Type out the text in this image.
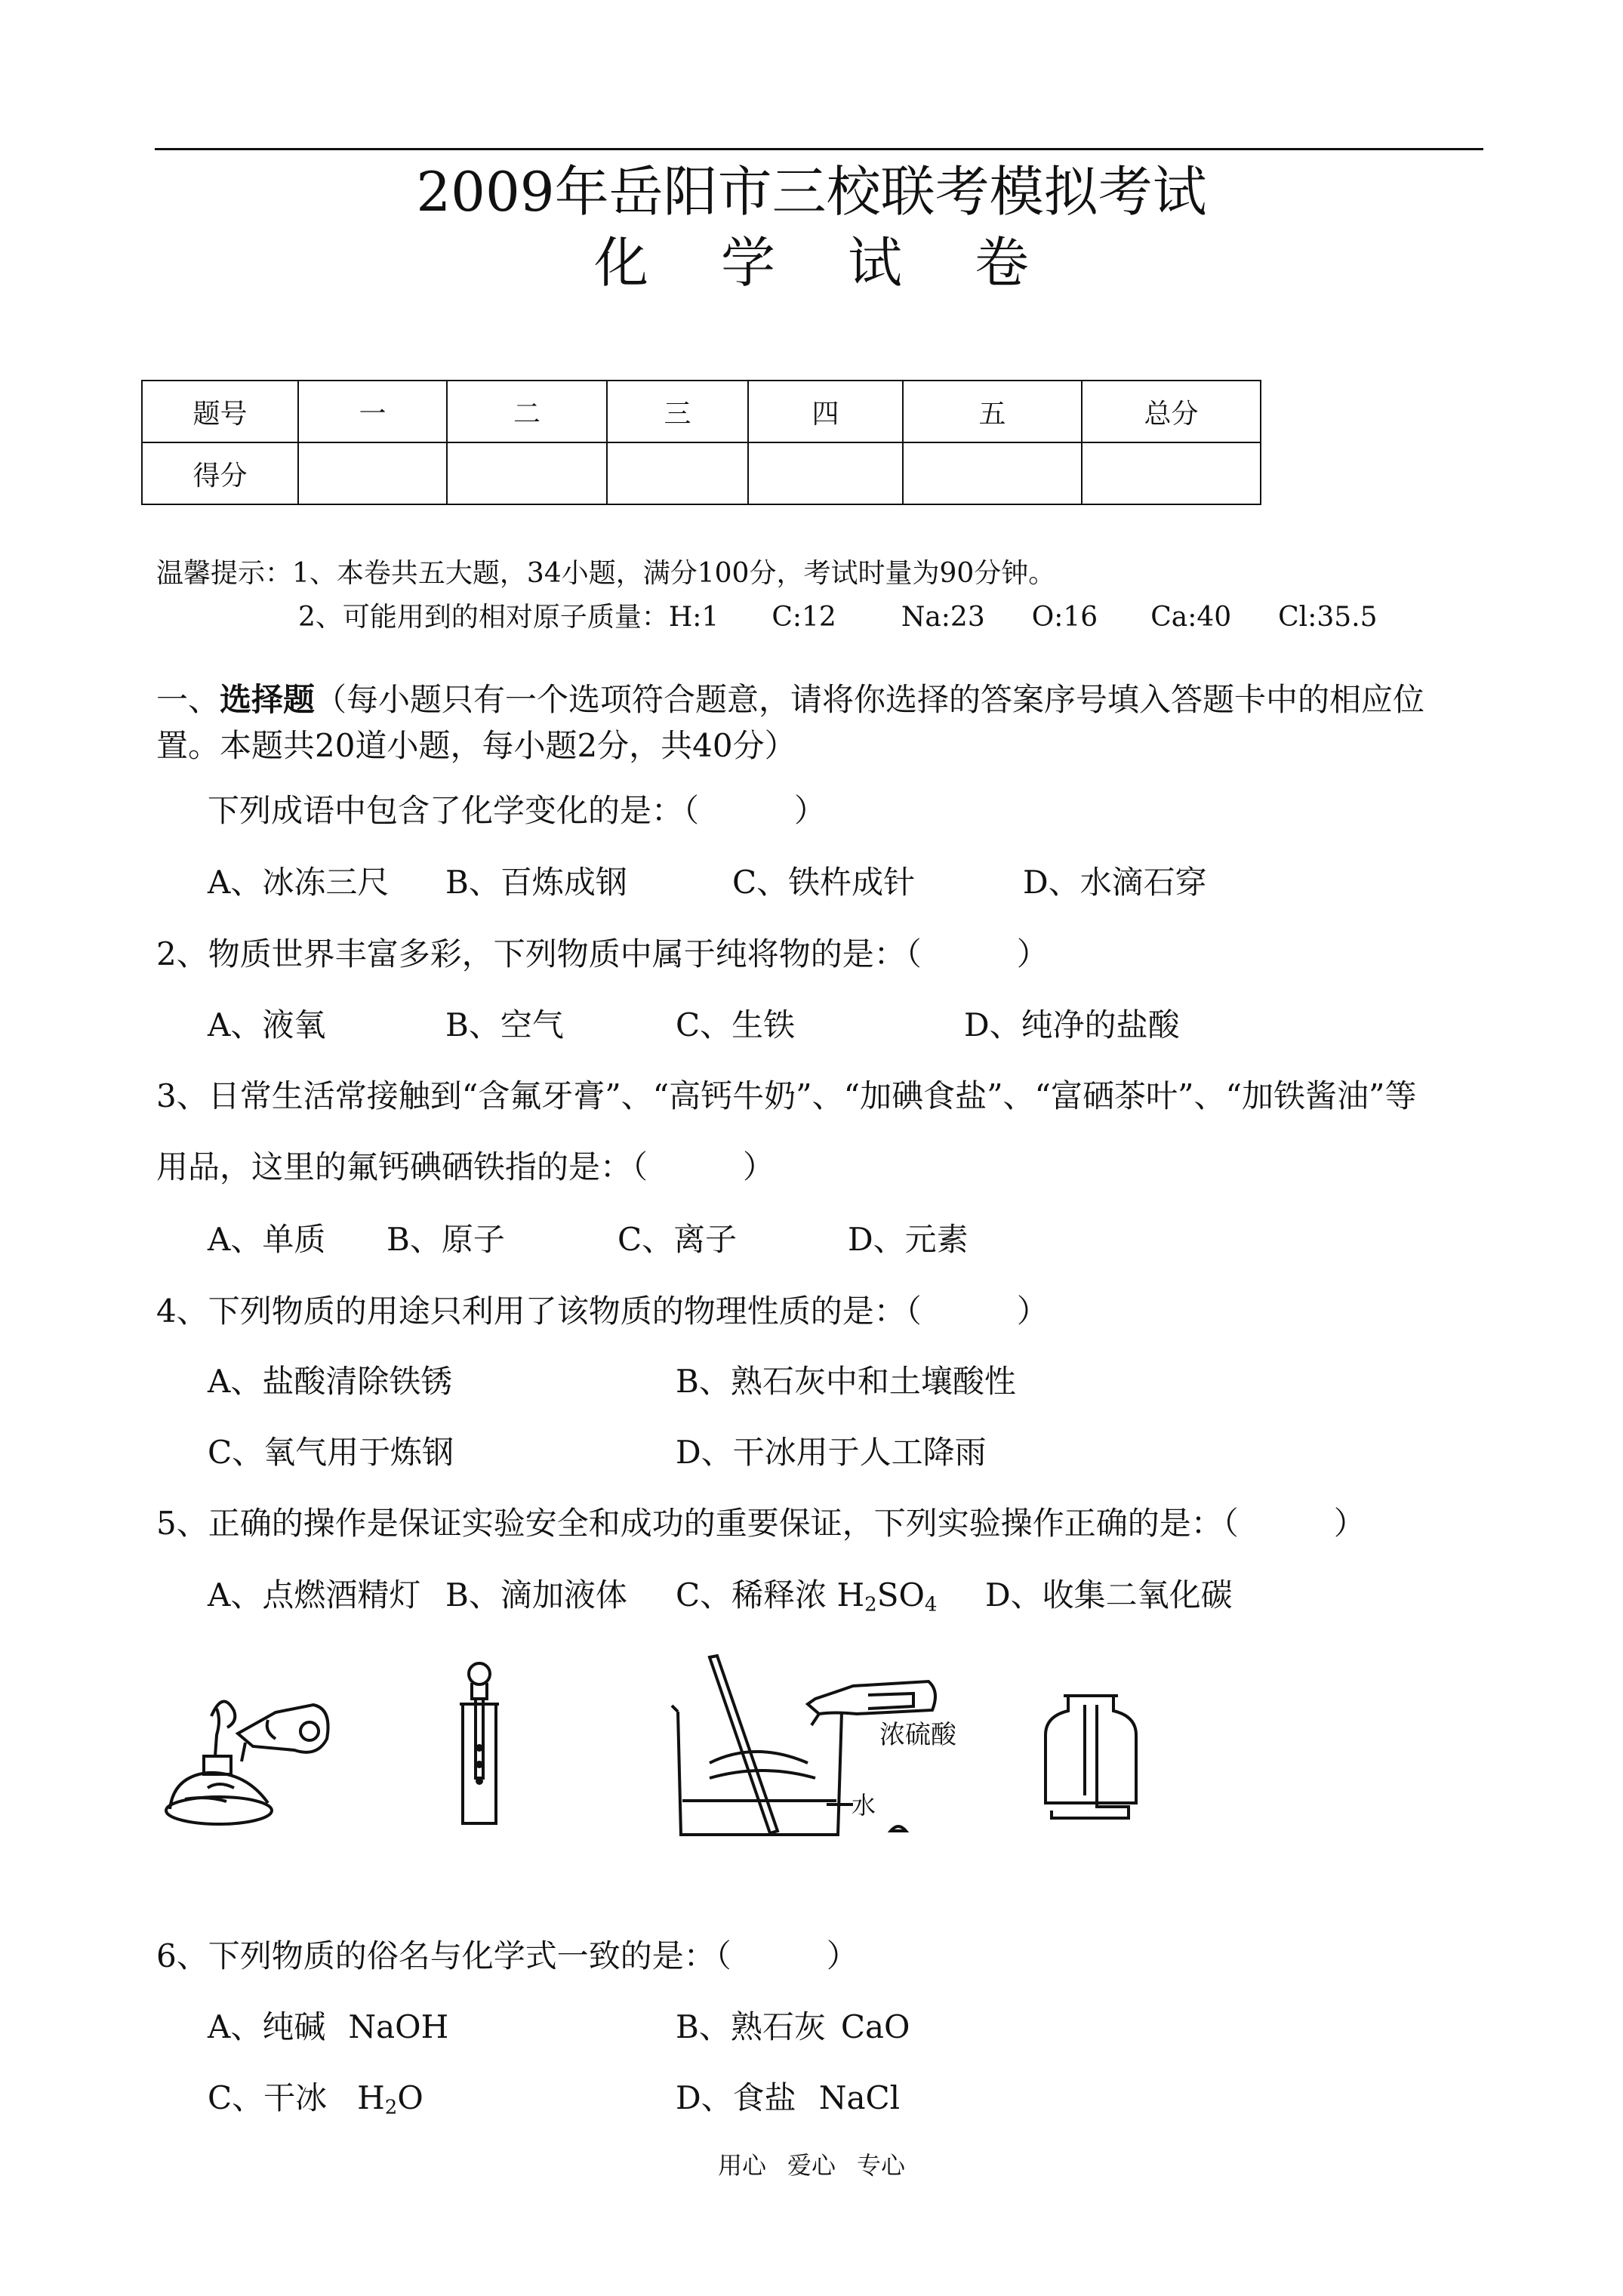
2009年岳阳市三校联考模拟考试
化 学 试 卷
题号	一	二	三	四	五	总分
得分						
温馨提示：1、本卷共五大题，34小题，满分100分，考试时量为90分钟。
2、可能用到的相对原子质量：H:1 C:12 Na:23 O:16 Ca:40 Cl:35.5
一、选择题（每小题只有一个选项符合题意，请将你选择的答案序号填入答题卡中的相应位
置。本题共20道小题，每小题2分，共40分）
下列成语中包含了化学变化的是：（　　　）
A、冰冻三尺 B、百炼成钢	C、铁杵成针	D、水滴石穿
2、物质世界丰富多彩，下列物质中属于纯将物的是：（　　　）
A、液氧	B、空气	C、生铁	D、纯净的盐酸
3、日常生活常接触到“含氟牙膏”、“高钙牛奶”、“加碘食盐”、“富硒茶叶”、“加铁酱油”等
用品，这里的氟钙碘硒铁指的是：（　　　）
A、单质 B、原子	C、离子	D、元素
4、下列物质的用途只利用了该物质的物理性质的是：（　　　）
A、盐酸清除铁锈	B、熟石灰中和土壤酸性
C、氧气用于炼钢	D、干冰用于人工降雨
5、正确的操作是保证实验安全和成功的重要保证，下列实验操作正确的是：（　　　）
A、点燃酒精灯 B、滴加液体 C、稀释浓 $H_2SO_4$ D、收集二氧化碳
浓硫酸
水
6、下列物质的俗名与化学式一致的是：（　　　）
A、纯碱 NaOH	B、熟石灰 CaO
C、干冰 $H_2O$	D、食盐 NaCl
用心 爱心 专心
